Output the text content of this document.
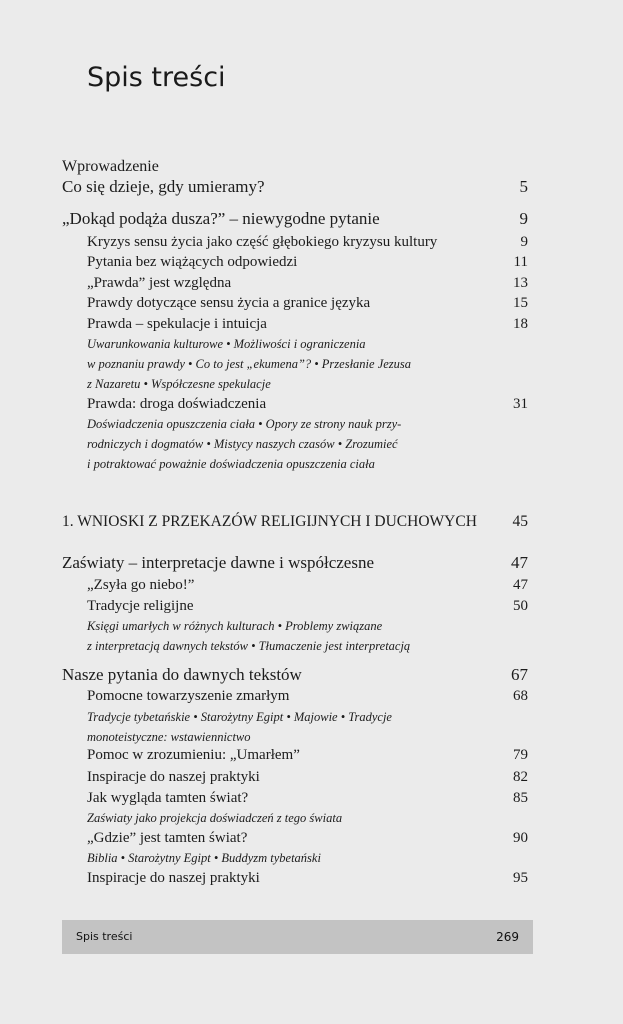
Spis treści
Wprowadzenie
Co się dzieje, gdy umieramy?	5
„Dokąd podąża dusza?” – niewygodne pytanie	9
Kryzys sensu życia jako część głębokiego kryzysu kultury	9
Pytania bez wiążących odpowiedzi	11
„Prawda” jest względna	13
Prawdy dotyczące sensu życia a granice języka	15
Prawda – spekulacje i intuicja	18
Uwarunkowania kulturowe • Możliwości i ograniczenia
w poznaniu prawdy • Co to jest „ekumena”? • Przesłanie Jezusa
z Nazaretu • Współczesne spekulacje
Prawda: droga doświadczenia	31
Doświadczenia opuszczenia ciała • Opory ze strony nauk przy-
rodniczych i dogmatów • Mistycy naszych czasów • Zrozumieć
i potraktować poważnie doświadczenia opuszczenia ciała
1. WNIOSKI Z PRZEKAZÓW RELIGIJNYCH I DUCHOWYCH	45
Zaświaty – interpretacje dawne i współczesne	47
„Zsyła go niebo!”	47
Tradycje religijne	50
Księgi umarłych w różnych kulturach • Problemy związane
z interpretacją dawnych tekstów • Tłumaczenie jest interpretacją
Nasze pytania do dawnych tekstów	67
Pomocne towarzyszenie zmarłym	68
Tradycje tybetańskie • Starożytny Egipt • Majowie • Tradycje
monoteistyczne: wstawiennictwo
Pomoc w zrozumieniu: „Umarłem”	79
Inspiracje do naszej praktyki	82
Jak wygląda tamten świat?	85
Zaświaty jako projekcja doświadczeń z tego świata
„Gdzie” jest tamten świat?	90
Biblia • Starożytny Egipt • Buddyzm tybetański
Inspiracje do naszej praktyki	95
Spis treści	269
